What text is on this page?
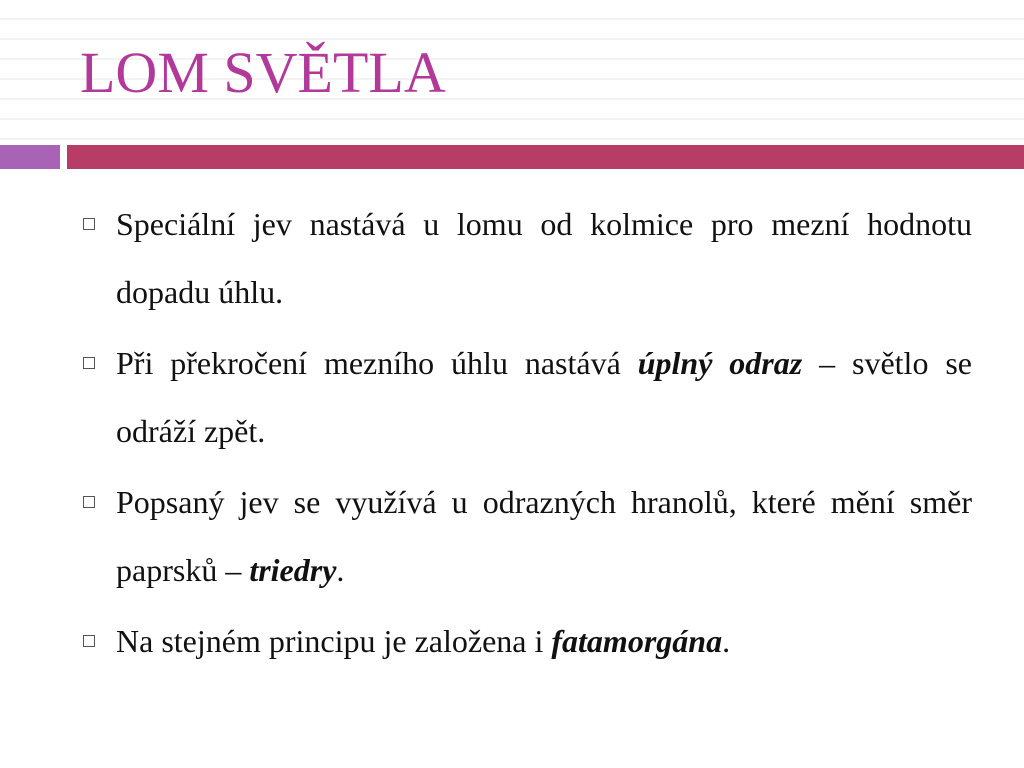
LOM SVĚTLA
Speciální jev nastává u lomu od kolmice pro mezní hodnotu dopadu úhlu.
Při překročení mezního úhlu nastává úplný odraz – světlo se odráží zpět.
Popsaný jev se využívá u odrazných hranolů, které mění směr paprsků – triedry.
Na stejném principu je založena i fatamorgána.
